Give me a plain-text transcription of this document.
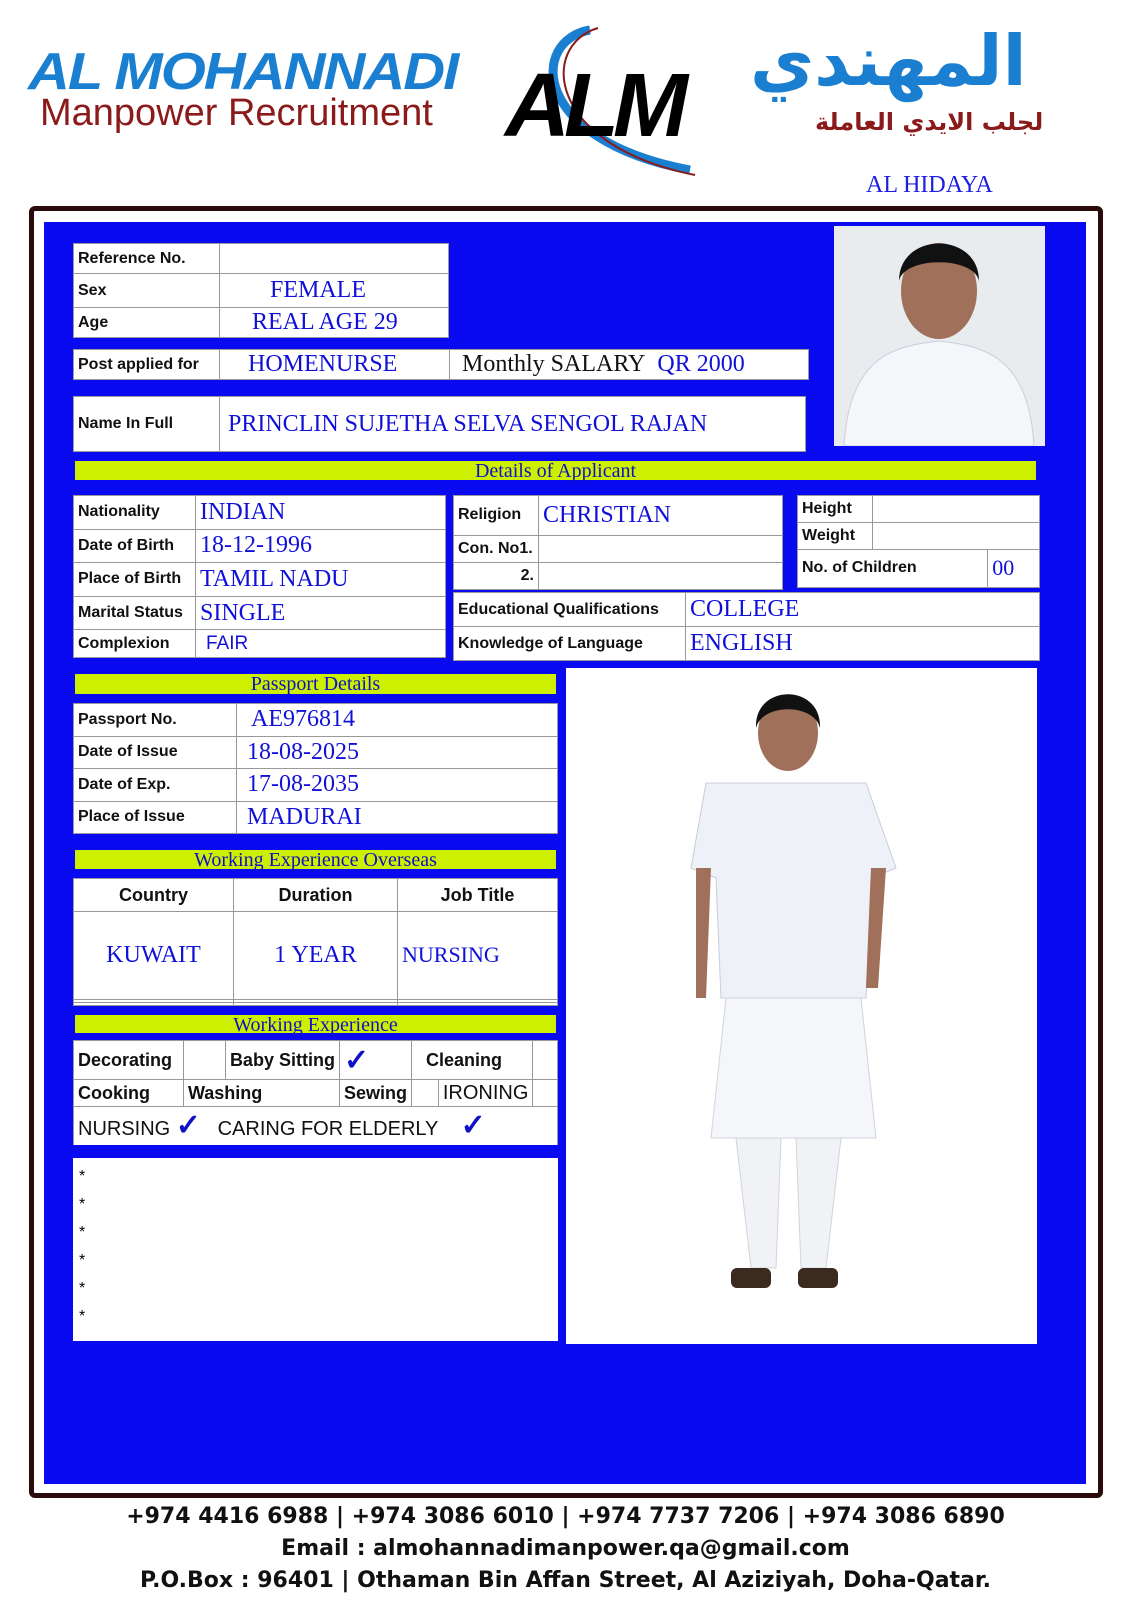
AL MOHANNADI
Manpower Recruitment ALM المهندي
لجلب الايدي العاملة
AL HIDAYA
Reference No.	
Sex	FEMALE
Age	REAL AGE 29
Post applied for	HOMENURSE	Monthly SALARY QR 2000
Name In Full	PRINCLIN SUJETHA SELVA SENGOL RAJAN
Details of Applicant
Nationality	INDIAN
Date of Birth	18-12-1996
Place of Birth	TAMIL NADU
Marital Status	SINGLE
Complexion	FAIR
Religion	CHRISTIAN
Con. No1.	
2.	
Height		
Weight		
No. of Children		00
Educational Qualifications	COLLEGE
Knowledge of Language	ENGLISH
Passport Details
Passport No.	AE976814
Date of Issue	18-08-2025
Date of Exp.	17-08-2035
Place of Issue	MADURAI
Working Experience Overseas
Country	Duration	Job Title
KUWAIT	1 YEAR	NURSING

Working Experience
Decorating		Baby Sitting	✓	Cleaning		
Cooking	Washing		Sewing		IRONING	
NURSING ✓ CARING FOR ELDERLY ✓						
*
*
*
*
*
*
+974 4416 6988 | +974 3086 6010 | +974 7737 7206 | +974 3086 6890
Email : almohannadimanpower.qa@gmail.com
P.O.Box : 96401 | Othaman Bin Affan Street, Al Aziziyah, Doha-Qatar.
